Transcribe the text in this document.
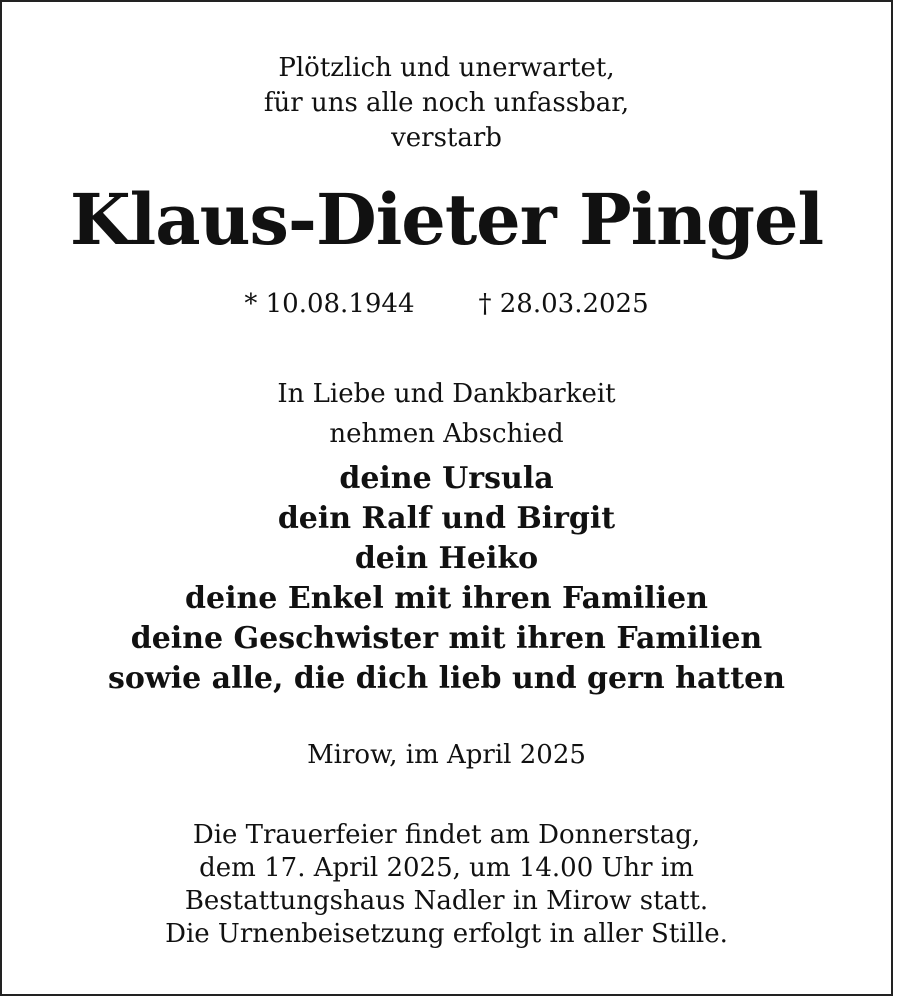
Plötzlich und unerwartet,
für uns alle noch unfassbar,
verstarb
Klaus-Dieter Pingel
* 10.08.1944 † 28.03.2025
In Liebe und Dankbarkeit
nehmen Abschied
deine Ursula
dein Ralf und Birgit
dein Heiko
deine Enkel mit ihren Familien
deine Geschwister mit ihren Familien
sowie alle, die dich lieb und gern hatten
Mirow, im April 2025
Die Trauerfeier findet am Donnerstag,
dem 17. April 2025, um 14.00 Uhr im
Bestattungshaus Nadler in Mirow statt.
Die Urnenbeisetzung erfolgt in aller Stille.
